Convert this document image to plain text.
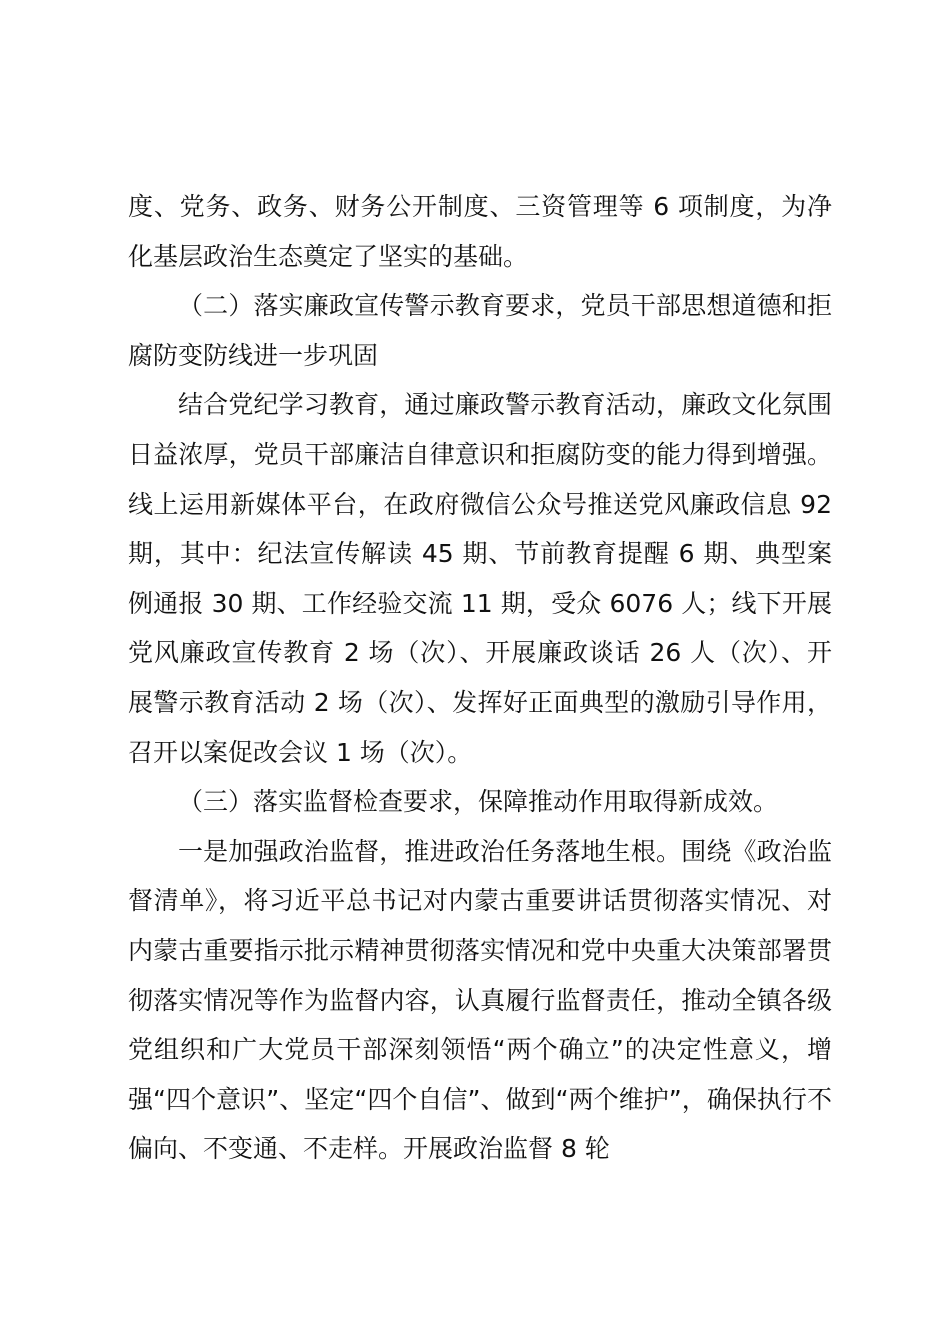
度、党务、政务、财务公开制度、三资管理等 6 项制度，为净化基层政治生态奠定了坚实的基础。

（二）落实廉政宣传警示教育要求，党员干部思想道德和拒腐防变防线进一步巩固

结合党纪学习教育，通过廉政警示教育活动，廉政文化氛围日益浓厚，党员干部廉洁自律意识和拒腐防变的能力得到增强。线上运用新媒体平台，在政府微信公众号推送党风廉政信息 92 期，其中：纪法宣传解读 45 期、节前教育提醒 6 期、典型案例通报 30 期、工作经验交流 11 期，受众 6076 人；线下开展党风廉政宣传教育 2 场（次）、开展廉政谈话 26 人（次）、开展警示教育活动 2 场（次）、发挥好正面典型的激励引导作用，召开以案促改会议 1 场（次）。

（三）落实监督检查要求，保障推动作用取得新成效。

一是加强政治监督，推进政治任务落地生根。围绕《政治监督清单》，将习近平总书记对内蒙古重要讲话贯彻落实情况、对内蒙古重要指示批示精神贯彻落实情况和党中央重大决策部署贯彻落实情况等作为监督内容，认真履行监督责任，推动全镇各级党组织和广大党员干部深刻领悟“两个确立”的决定性意义，增强“四个意识”、坚定“四个自信”、做到“两个维护”，确保执行不偏向、不变通、不走样。开展政治监督 8 轮
